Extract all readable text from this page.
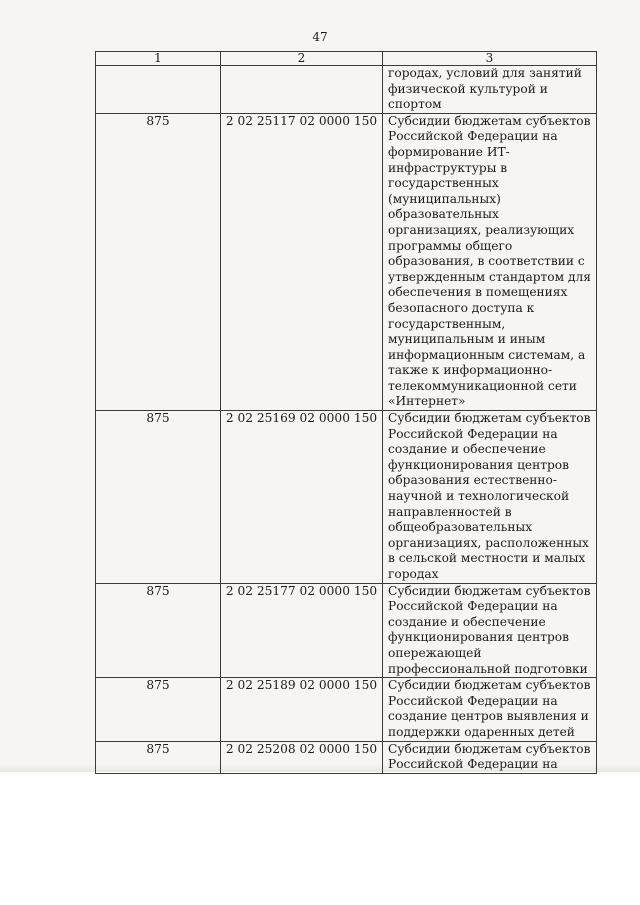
47
1	2	3
		городах, условий для занятий физической культурой и спортом
875	2 02 25117 02 0000 150	Субсидии бюджетам субъектов Российской Федерации на формирование ИТ-инфраструктуры в государственных (муниципальных) образовательных организациях, реализующих программы общего образования, в соответствии с утвержденным стандартом для обеспечения в помещениях безопасного доступа к государственным, муниципальным и иным информационным системам, а также к информационно-телекоммуникационной сети «Интернет»
875	2 02 25169 02 0000 150	Субсидии бюджетам субъектов Российской Федерации на создание и обеспечение функционирования центров образования естественно-научной и технологической направленностей в общеобразовательных организациях, расположенных в сельской местности и малых городах
875	2 02 25177 02 0000 150	Субсидии бюджетам субъектов Российской Федерации на создание и обеспечение функционирования центров опережающей профессиональной подготовки
875	2 02 25189 02 0000 150	Субсидии бюджетам субъектов Российской Федерации на создание центров выявления и поддержки одаренных детей
875	2 02 25208 02 0000 150	Субсидии бюджетам субъектов Российской Федерации на
